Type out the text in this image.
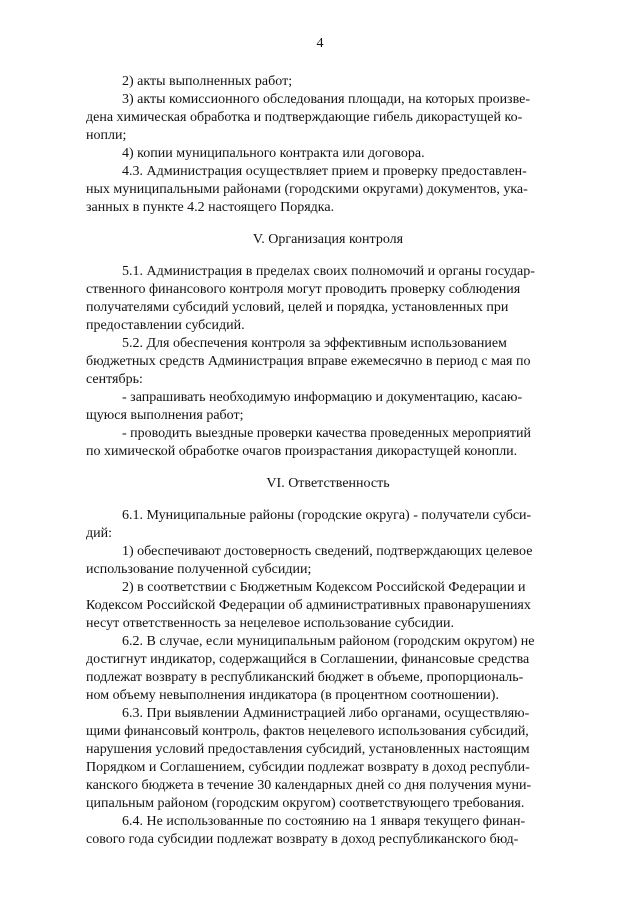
4
2) акты выполненных работ;
3) акты комиссионного обследования площади, на которых произве-
дена химическая обработка и подтверждающие гибель дикорастущей ко-
нопли;
4) копии муниципального контракта или договора.
4.3. Администрация осуществляет прием и проверку предоставлен-
ных муниципальными районами (городскими округами) документов, ука-
занных в пункте 4.2 настоящего Порядка.
V. Организация контроля
5.1. Администрация в пределах своих полномочий и органы государ-
ственного финансового контроля могут проводить проверку соблюдения
получателями субсидий условий, целей и порядка, установленных при
предоставлении субсидий.
5.2. Для обеспечения контроля за эффективным использованием
бюджетных средств Администрация вправе ежемесячно в период с мая по
сентябрь:
- запрашивать необходимую информацию и документацию, касаю-
щуюся выполнения работ;
- проводить выездные проверки качества проведенных мероприятий
по химической обработке очагов произрастания дикорастущей конопли.
VI. Ответственность
6.1. Муниципальные районы (городские округа) - получатели субси-
дий:
1) обеспечивают достоверность сведений, подтверждающих целевое
использование полученной субсидии;
2) в соответствии с Бюджетным Кодексом Российской Федерации и
Кодексом Российской Федерации об административных правонарушениях
несут ответственность за нецелевое использование субсидии.
6.2. В случае, если муниципальным районом (городским округом) не
достигнут индикатор, содержащийся в Соглашении, финансовые средства
подлежат возврату в республиканский бюджет в объеме, пропорциональ-
ном объему невыполнения индикатора (в процентном соотношении).
6.3. При выявлении Администрацией либо органами, осуществляю-
щими финансовый контроль, фактов нецелевого использования субсидий,
нарушения условий предоставления субсидий, установленных настоящим
Порядком и Соглашением, субсидии подлежат возврату в доход республи-
канского бюджета в течение 30 календарных дней со дня получения муни-
ципальным районом (городским округом) соответствующего требования.
6.4. Не использованные по состоянию на 1 января текущего финан-
сового года субсидии подлежат возврату в доход республиканского бюд-
